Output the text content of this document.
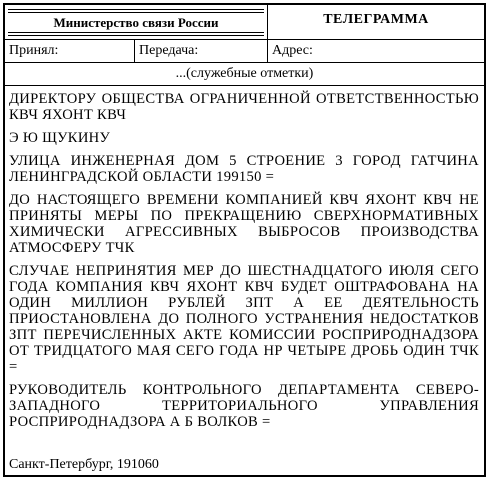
Министерство связи России	ТЕЛЕГРАММА
Принял:	Передача:	Адрес:
...(служебные отметки)

ДИРЕКТОРУ ОБЩЕСТВА ОГРАНИЧЕННОЙ ОТВЕТСТВЕННОСТЬЮ КВЧ ЯХОНТ КВЧ

Э Ю ЩУКИНУ

УЛИЦА ИНЖЕНЕРНАЯ ДОМ 5 СТРОЕНИЕ 3 ГОРОД ГАТЧИНА ЛЕНИНГРАДСКОЙ ОБЛАСТИ 199150 =

ДО НАСТОЯЩЕГО ВРЕМЕНИ КОМПАНИЕЙ КВЧ ЯХОНТ КВЧ НЕ ПРИНЯТЫ МЕРЫ ПО ПРЕКРАЩЕНИЮ СВЕРХНОРМАТИВНЫХ ХИМИЧЕСКИ АГРЕССИВНЫХ ВЫБРОСОВ ПРОИЗВОДСТВА АТМОСФЕРУ ТЧК

СЛУЧАЕ НЕПРИНЯТИЯ МЕР ДО ШЕСТНАДЦАТОГО ИЮЛЯ СЕГО ГОДА КОМПАНИЯ КВЧ ЯХОНТ КВЧ БУДЕТ ОШТРАФОВАНА НА ОДИН МИЛЛИОН РУБЛЕЙ ЗПТ А ЕЕ ДЕЯТЕЛЬНОСТЬ ПРИОСТАНОВЛЕНА ДО ПОЛНОГО УСТРАНЕНИЯ НЕДОСТАТКОВ ЗПТ ПЕРЕЧИСЛЕННЫХ АКТЕ КОМИССИИ РОСПРИРОДНАДЗОРА ОТ ТРИДЦАТОГО МАЯ СЕГО ГОДА НР ЧЕТЫРЕ ДРОБЬ ОДИН ТЧК =

РУКОВОДИТЕЛЬ КОНТРОЛЬНОГО ДЕПАРТАМЕНТА СЕВЕРО-ЗАПАДНОГО ТЕРРИТОРИАЛЬНОГО УПРАВЛЕНИЯ РОСПРИРОДНАДЗОРА А Б ВОЛКОВ =

Санкт-Петербург, 191060
